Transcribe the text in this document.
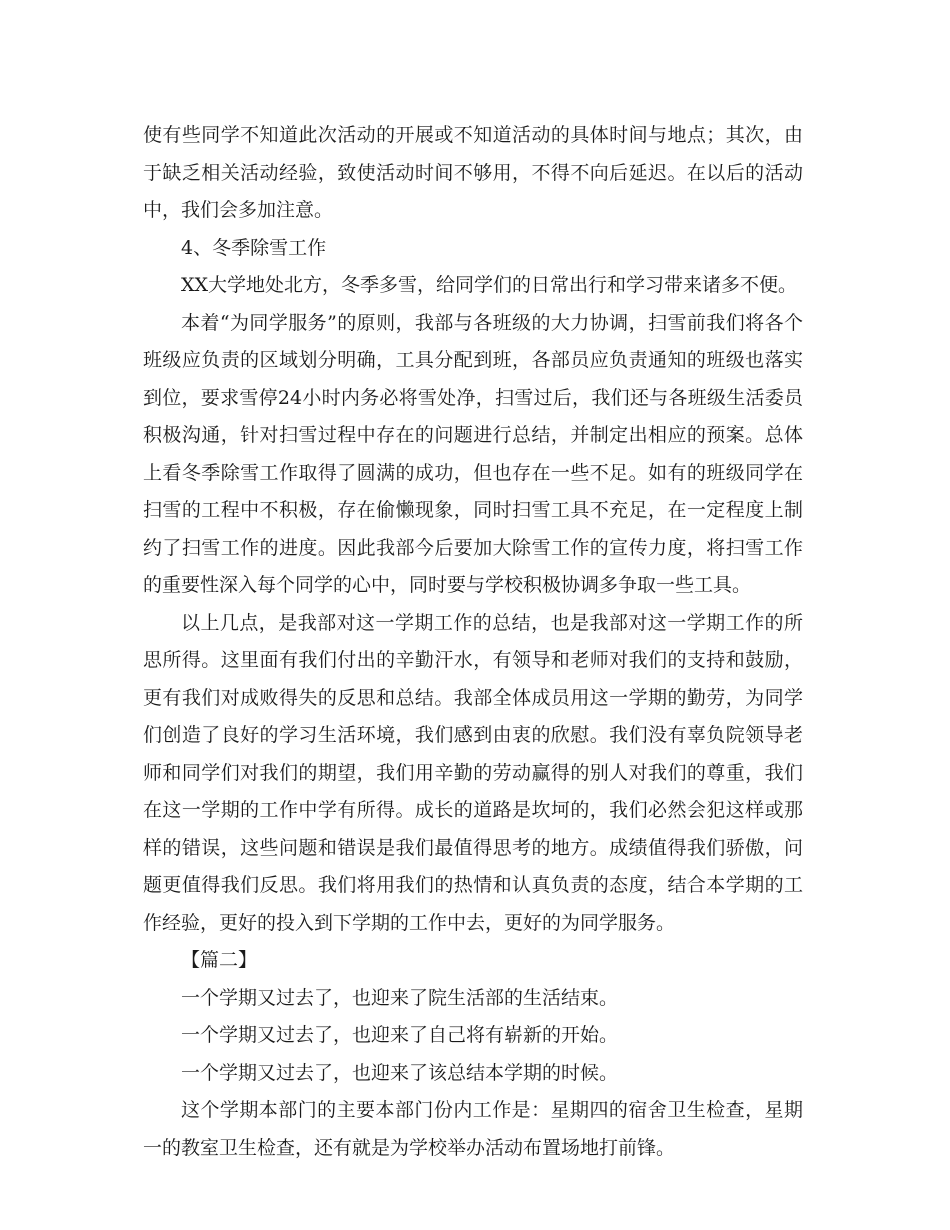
使有些同学不知道此次活动的开展或不知道活动的具体时间与地点；其次，由于缺乏相关活动经验，致使活动时间不够用，不得不向后延迟。在以后的活动中，我们会多加注意。

4、冬季除雪工作

XX大学地处北方，冬季多雪，给同学们的日常出行和学习带来诸多不便。

本着“为同学服务”的原则，我部与各班级的大力协调，扫雪前我们将各个班级应负责的区域划分明确，工具分配到班，各部员应负责通知的班级也落实到位，要求雪停24小时内务必将雪处净，扫雪过后，我们还与各班级生活委员积极沟通，针对扫雪过程中存在的问题进行总结，并制定出相应的预案。总体上看冬季除雪工作取得了圆满的成功，但也存在一些不足。如有的班级同学在扫雪的工程中不积极，存在偷懒现象，同时扫雪工具不充足，在一定程度上制约了扫雪工作的进度。因此我部今后要加大除雪工作的宣传力度，将扫雪工作的重要性深入每个同学的心中，同时要与学校积极协调多争取一些工具。

以上几点，是我部对这一学期工作的总结，也是我部对这一学期工作的所思所得。这里面有我们付出的辛勤汗水，有领导和老师对我们的支持和鼓励，更有我们对成败得失的反思和总结。我部全体成员用这一学期的勤劳，为同学们创造了良好的学习生活环境，我们感到由衷的欣慰。我们没有辜负院领导老师和同学们对我们的期望，我们用辛勤的劳动赢得的别人对我们的尊重，我们在这一学期的工作中学有所得。成长的道路是坎坷的，我们必然会犯这样或那样的错误，这些问题和错误是我们最值得思考的地方。成绩值得我们骄傲，问题更值得我们反思。我们将用我们的热情和认真负责的态度，结合本学期的工作经验，更好的投入到下学期的工作中去，更好的为同学服务。

【篇二】

一个学期又过去了，也迎来了院生活部的生活结束。

一个学期又过去了，也迎来了自己将有崭新的开始。

一个学期又过去了，也迎来了该总结本学期的时候。

这个学期本部门的主要本部门份内工作是：星期四的宿舍卫生检查，星期一的教室卫生检查，还有就是为学校举办活动布置场地打前锋。
